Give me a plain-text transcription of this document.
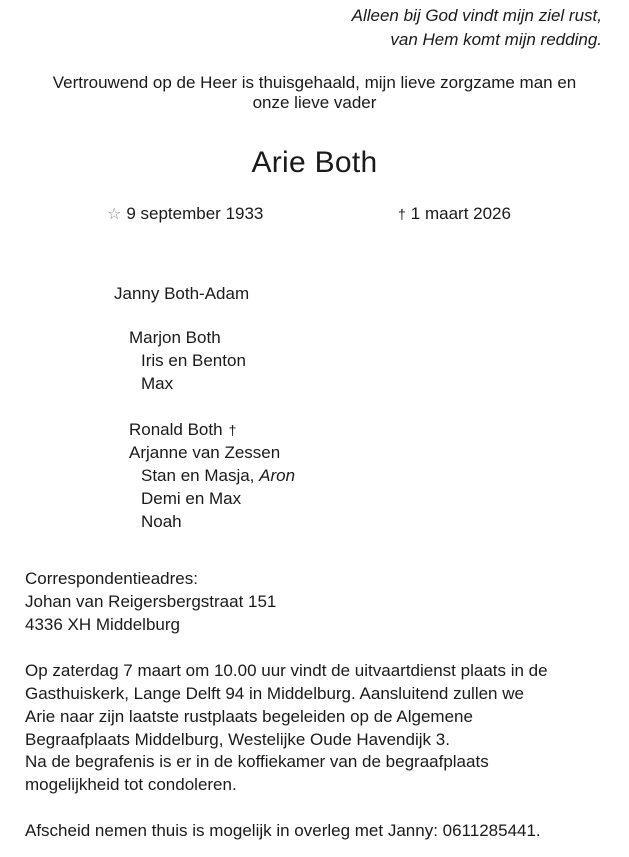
Alleen bij God vindt mijn ziel rust,

van Hem komt mijn redding.

Vertrouwend op de Heer is thuisgehaald, mijn lieve zorgzame man en

onze lieve vader

Arie Both
☆ 9 september 1933	† 1 maart 2026

Janny Both-Adam

Marjon Both

Iris en Benton

Max

Ronald Both †

Arjanne van Zessen

Stan en Masja, Aron

Demi en Max

Noah

Correspondentieadres:

Johan van Reigersbergstraat 151

4336 XH Middelburg

Op zaterdag 7 maart om 10.00 uur vindt de uitvaartdienst plaats in de

Gasthuiskerk, Lange Delft 94 in Middelburg. Aansluitend zullen we

Arie naar zijn laatste rustplaats begeleiden op de Algemene

Begraafplaats Middelburg, Westelijke Oude Havendijk 3.

Na de begrafenis is er in de koffiekamer van de begraafplaats

mogelijkheid tot condoleren.

Afscheid nemen thuis is mogelijk in overleg met Janny: 0611285441.
